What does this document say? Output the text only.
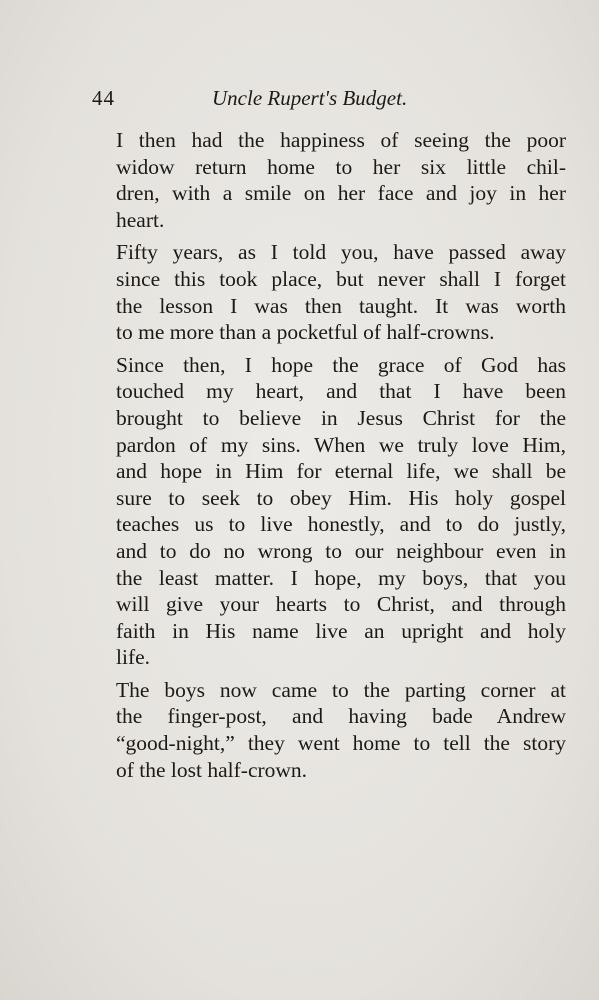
44	Uncle Rupert's Budget.

I then had the happiness of seeing the poor
widow return home to her six little chil-
dren, with a smile on her face and joy in her
heart.

Fifty years, as I told you, have passed away
since this took place, but never shall I forget
the lesson I was then taught. It was worth
to me more than a pocketful of half-crowns.

Since then, I hope the grace of God has
touched my heart, and that I have been
brought to believe in Jesus Christ for the
pardon of my sins. When we truly love Him,
and hope in Him for eternal life, we shall be
sure to seek to obey Him. His holy gospel
teaches us to live honestly, and to do justly,
and to do no wrong to our neighbour even in
the least matter. I hope, my boys, that you
will give your hearts to Christ, and through
faith in His name live an upright and holy
life.

The boys now came to the parting corner at
the finger-post, and having bade Andrew
“good-night,” they went home to tell the story
of the lost half-crown.
